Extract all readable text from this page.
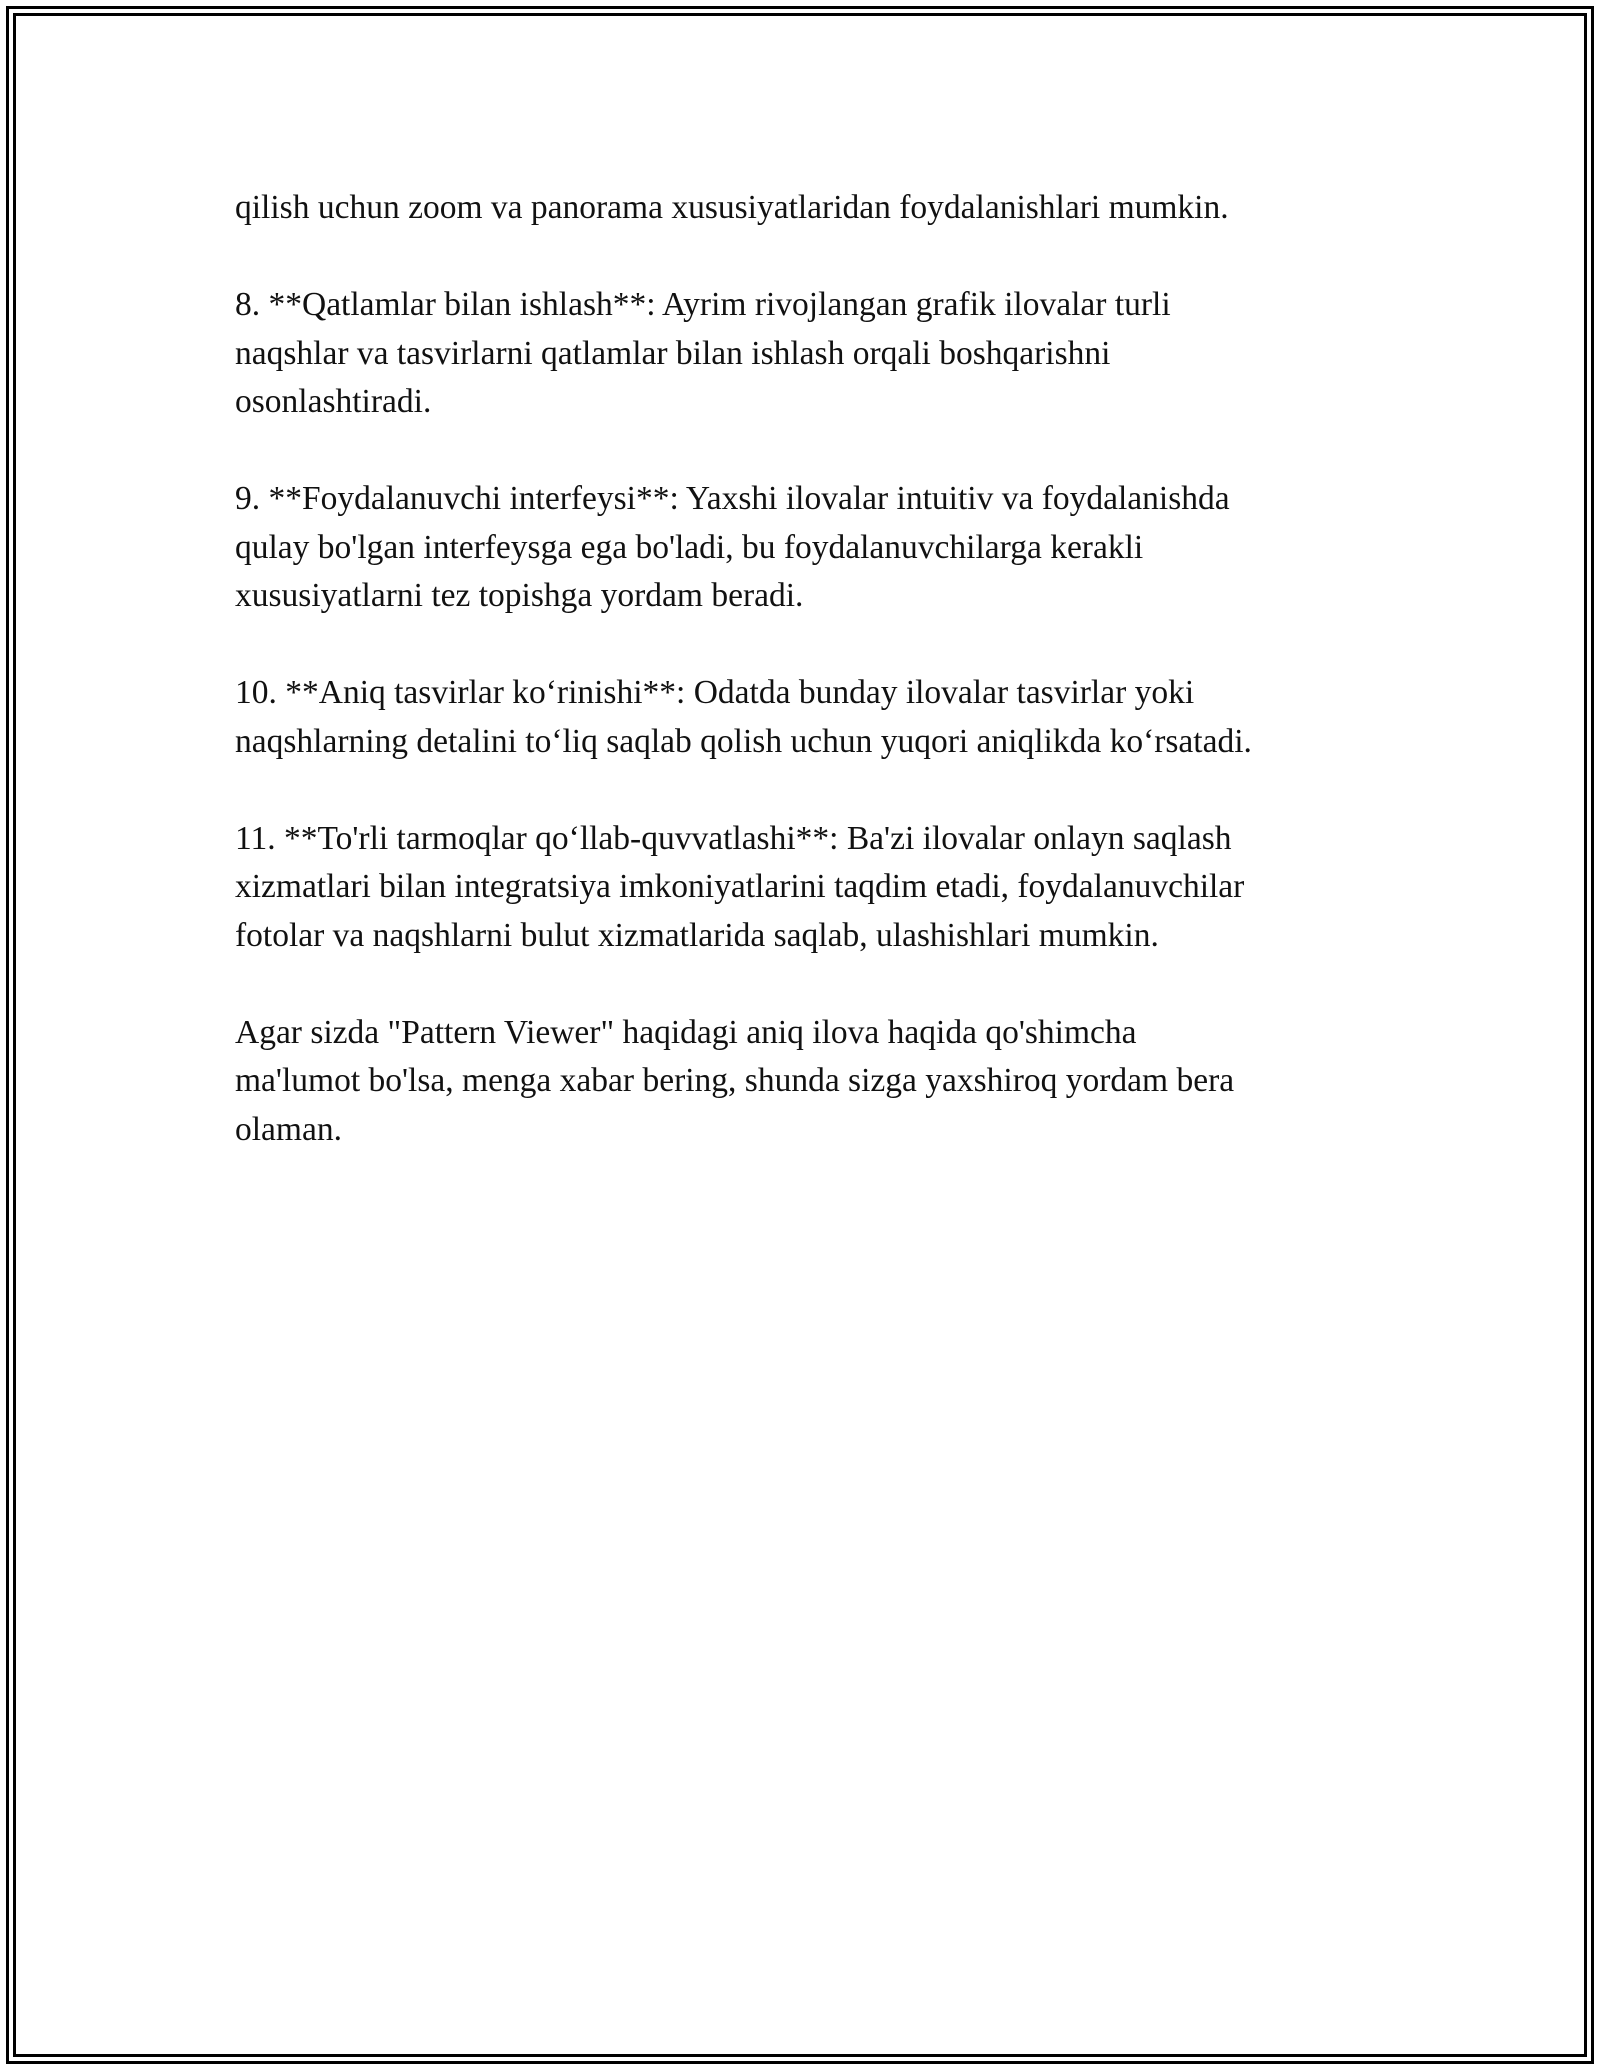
qilish uchun zoom va panorama xususiyatlaridan foydalanishlari mumkin.

8. **Qatlamlar bilan ishlash**: Ayrim rivojlangan grafik ilovalar turli
naqshlar va tasvirlarni qatlamlar bilan ishlash orqali boshqarishni
osonlashtiradi.

9. **Foydalanuvchi interfeysi**: Yaxshi ilovalar intuitiv va foydalanishda
qulay bo'lgan interfeysga ega bo'ladi, bu foydalanuvchilarga kerakli
xususiyatlarni tez topishga yordam beradi.

10. **Aniq tasvirlar koʻrinishi**: Odatda bunday ilovalar tasvirlar yoki
naqshlarning detalini toʻliq saqlab qolish uchun yuqori aniqlikda koʻrsatadi.

11. **To'rli tarmoqlar qoʻllab-quvvatlashi**: Ba'zi ilovalar onlayn saqlash
xizmatlari bilan integratsiya imkoniyatlarini taqdim etadi, foydalanuvchilar
fotolar va naqshlarni bulut xizmatlarida saqlab, ulashishlari mumkin.

Agar sizda "Pattern Viewer" haqidagi aniq ilova haqida qo'shimcha
ma'lumot bo'lsa, menga xabar bering, shunda sizga yaxshiroq yordam bera
olaman.
